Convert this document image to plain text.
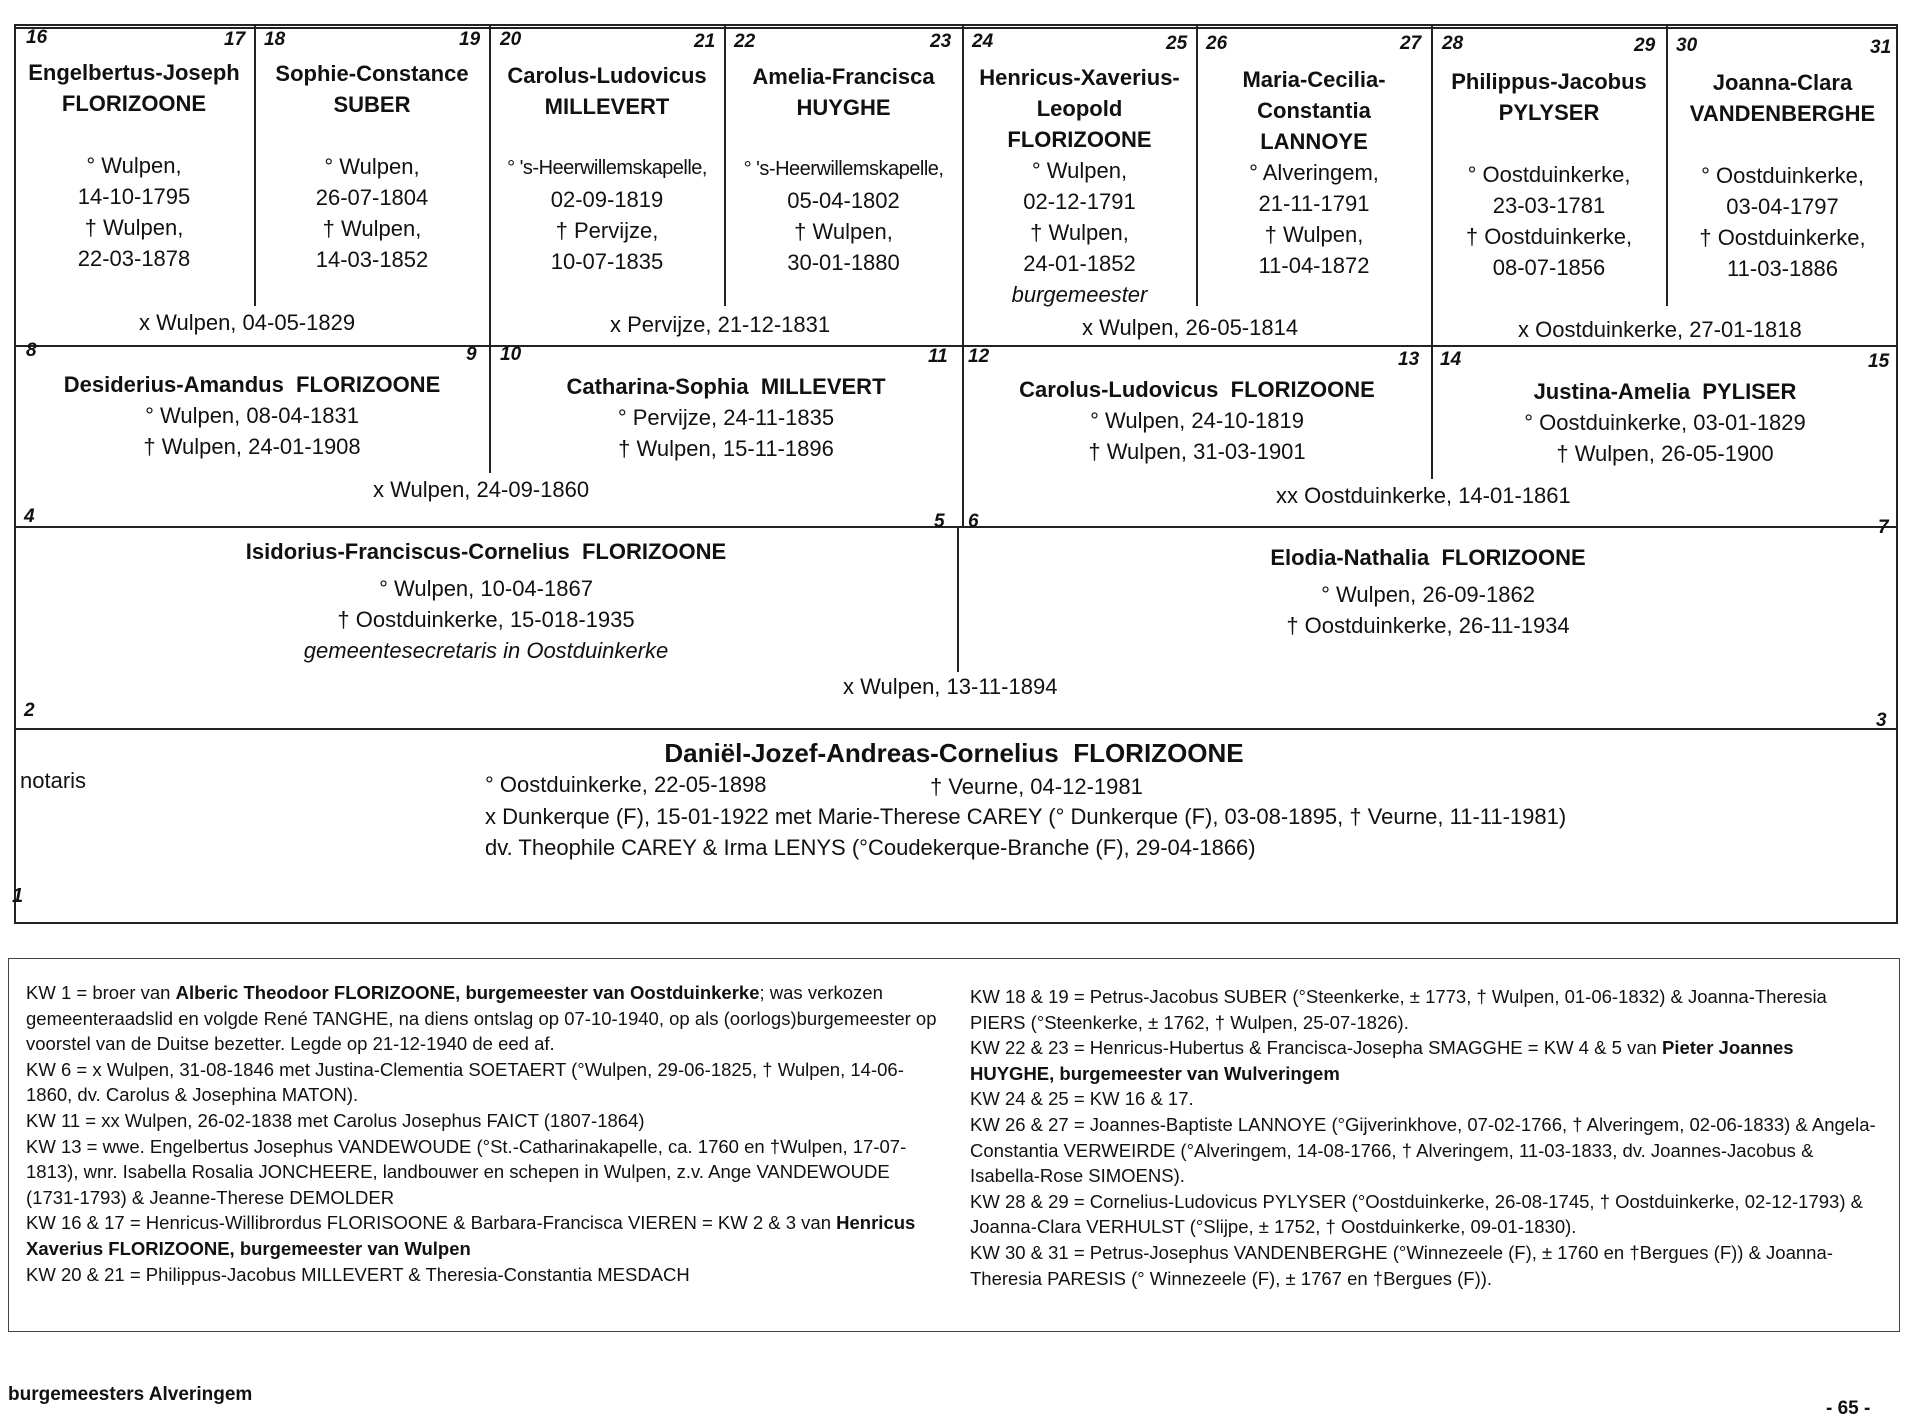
16	17 18	19 20	21 22	23 24	25 26	27 28	29 30	31
Engelbertus-Joseph
FLORIZOONE

° Wulpen,
14-10-1795
† Wulpen,
22-03-1878
Sophie-Constance
SUBER

° Wulpen,
26-07-1804
† Wulpen,
14-03-1852
Carolus-Ludovicus
MILLEVERT

° 's-Heerwillemskapelle,
02-09-1819
† Pervijze,
10-07-1835
Amelia-Francisca
HUYGHE

° 's-Heerwillemskapelle,
05-04-1802
† Wulpen,
30-01-1880
Henricus-Xaverius-
Leopold
FLORIZOONE
° Wulpen,
02-12-1791
† Wulpen,
24-01-1852
burgemeester
Maria-Cecilia-
Constantia
LANNOYE
° Alveringem,
21-11-1791
† Wulpen,
11-04-1872
Philippus-Jacobus
PYLYSER

° Oostduinkerke,
23-03-1781
† Oostduinkerke,
08-07-1856
Joanna-Clara
VANDENBERGHE

° Oostduinkerke,
03-04-1797
† Oostduinkerke,
11-03-1886
x Wulpen, 04-05-1829	x Pervijze, 21-12-1831	x Wulpen, 26-05-1814	x Oostduinkerke, 27-01-1818
8	9 10	11 12	13 14	15
Desiderius-Amandus  FLORIZOONE
° Wulpen, 08-04-1831
† Wulpen, 24-01-1908
Catharina-Sophia  MILLEVERT
° Pervijze, 24-11-1835
† Wulpen, 15-11-1896
Carolus-Ludovicus  FLORIZOONE
° Wulpen, 24-10-1819
† Wulpen, 31-03-1901
Justina-Amelia  PYLISER
° Oostduinkerke, 03-01-1829
† Wulpen, 26-05-1900
x Wulpen, 24-09-1860	xx Oostduinkerke, 14-01-1861
4	5 6	7
Isidorius-Franciscus-Cornelius  FLORIZOONE
° Wulpen, 10-04-1867
† Oostduinkerke, 15-018-1935
gemeentesecretaris in Oostduinkerke
Elodia-Nathalia  FLORIZOONE
° Wulpen, 26-09-1862
† Oostduinkerke, 26-11-1934
x Wulpen, 13-11-1894
2	3
Daniël-Jozef-Andreas-Cornelius  FLORIZOONE
notaris	° Oostduinkerke, 22-05-1898	† Veurne, 04-12-1981
x Dunkerque (F), 15-01-1922 met Marie-Therese CAREY (° Dunkerque (F), 03-08-1895, † Veurne, 11-11-1981)
dv. Theophile CAREY & Irma LENYS (°Coudekerque-Branche (F), 29-04-1866)
1

KW 1 = broer van Alberic Theodoor FLORIZOONE, burgemeester van Oostduinkerke; was verkozen gemeenteraadslid en volgde René TANGHE, na diens ontslag op 07-10-1940, op als (oorlogs)burgemeester op voorstel van de Duitse bezetter. Legde op 21-12-1940 de eed af.

KW 6 = x Wulpen, 31-08-1846 met Justina-Clementia SOETAERT (°Wulpen, 29-06-1825, † Wulpen, 14-06-1860, dv. Carolus & Josephina MATON).

KW 11 = xx Wulpen, 26-02-1838 met Carolus Josephus FAICT (1807-1864)

KW 13 = wwe. Engelbertus Josephus VANDEWOUDE (°St.-Catharinakapelle, ca. 1760 en †Wulpen, 17-07-1813), wnr. Isabella Rosalia JONCHEERE, landbouwer en schepen in Wulpen, z.v. Ange VANDEWOUDE (1731-1793) & Jeanne-Therese DEMOLDER

KW 16 & 17 = Henricus-Willibrordus FLORISOONE & Barbara-Francisca VIEREN = KW 2 & 3 van Henricus Xaverius FLORIZOONE, burgemeester van Wulpen

KW 20 & 21 = Philippus-Jacobus MILLEVERT & Theresia-Constantia MESDACH

KW 18 & 19 = Petrus-Jacobus SUBER (°Steenkerke, ± 1773, † Wulpen, 01-06-1832) & Joanna-Theresia PIERS (°Steenkerke, ± 1762, † Wulpen, 25-07-1826).

KW 22 & 23 = Henricus-Hubertus & Francisca-Josepha SMAGGHE = KW 4 & 5 van Pieter Joannes HUYGHE, burgemeester van Wulveringem

KW 24 & 25 = KW 16 & 17.

KW 26 & 27 = Joannes-Baptiste LANNOYE (°Gijverinkhove, 07-02-1766, † Alveringem, 02-06-1833) & Angela-Constantia VERWEIRDE (°Alveringem, 14-08-1766, † Alveringem, 11-03-1833, dv. Joannes-Jacobus & Isabella-Rose SIMOENS).

KW 28 & 29 = Cornelius-Ludovicus PYLYSER (°Oostduinkerke, 26-08-1745, † Oostduinkerke, 02-12-1793) & Joanna-Clara VERHULST (°Slijpe, ± 1752, † Oostduinkerke, 09-01-1830).

KW 30 & 31 = Petrus-Josephus VANDENBERGHE (°Winnezeele (F), ± 1760 en †Bergues (F)) & Joanna-Theresia PARESIS (° Winnezeele (F), ± 1767 en †Bergues (F)).

burgemeesters Alveringem
- 65 -
